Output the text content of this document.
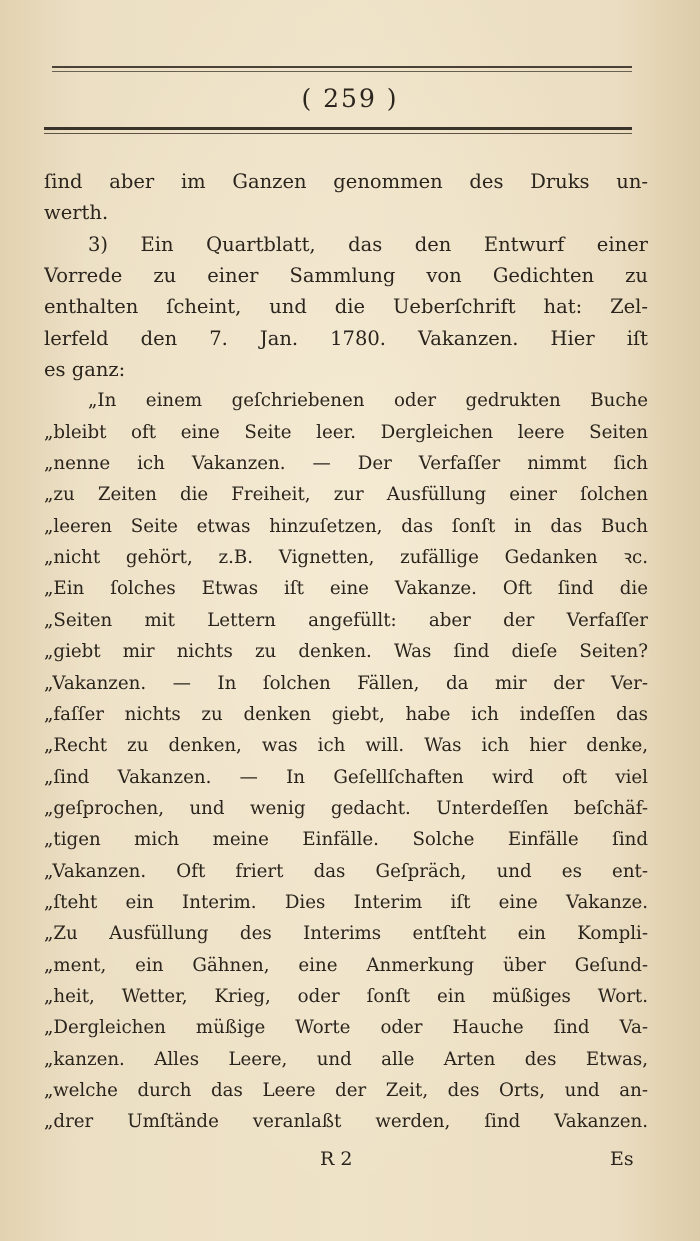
( 259 )
ſind aber im Ganzen genommen des Druks un-
werth.
3) Ein Quartblatt, das den Entwurf einer
Vorrede zu einer Sammlung von Gedichten zu
enthalten ſcheint, und die Ueberſchrift hat: Zel-
lerfeld den 7. Jan. 1780. Vakanzen. Hier iſt
es ganz:
„In einem geſchriebenen oder gedrukten Buche
„bleibt oft eine Seite leer. Dergleichen leere Seiten
„nenne ich Vakanzen. — Der Verfaſſer nimmt ſich
„zu Zeiten die Freiheit, zur Ausfüllung einer ſolchen
„leeren Seite etwas hinzuſetzen, das ſonſt in das Buch
„nicht gehört, z.B. Vignetten, zufällige Gedanken ꝛc.
„Ein ſolches Etwas iſt eine Vakanze. Oft ſind die
„Seiten mit Lettern angefüllt: aber der Verfaſſer
„giebt mir nichts zu denken. Was ſind dieſe Seiten?
„Vakanzen. — In ſolchen Fällen, da mir der Ver-
„faſſer nichts zu denken giebt, habe ich indeſſen das
„Recht zu denken, was ich will. Was ich hier denke,
„ſind Vakanzen. — In Geſellſchaften wird oft viel
„geſprochen, und wenig gedacht. Unterdeſſen beſchäf-
„tigen mich meine Einfälle. Solche Einfälle ſind
„Vakanzen. Oft friert das Geſpräch, und es ent-
„ſteht ein Interim. Dies Interim iſt eine Vakanze.
„Zu Ausfüllung des Interims entſteht ein Kompli-
„ment, ein Gähnen, eine Anmerkung über Geſund-
„heit, Wetter, Krieg, oder ſonſt ein müßiges Wort.
„Dergleichen müßige Worte oder Hauche ſind Va-
„kanzen. Alles Leere, und alle Arten des Etwas,
„welche durch das Leere der Zeit, des Orts, und an-
„drer Umſtände veranlaßt werden, ſind Vakanzen.
R 2	Es
